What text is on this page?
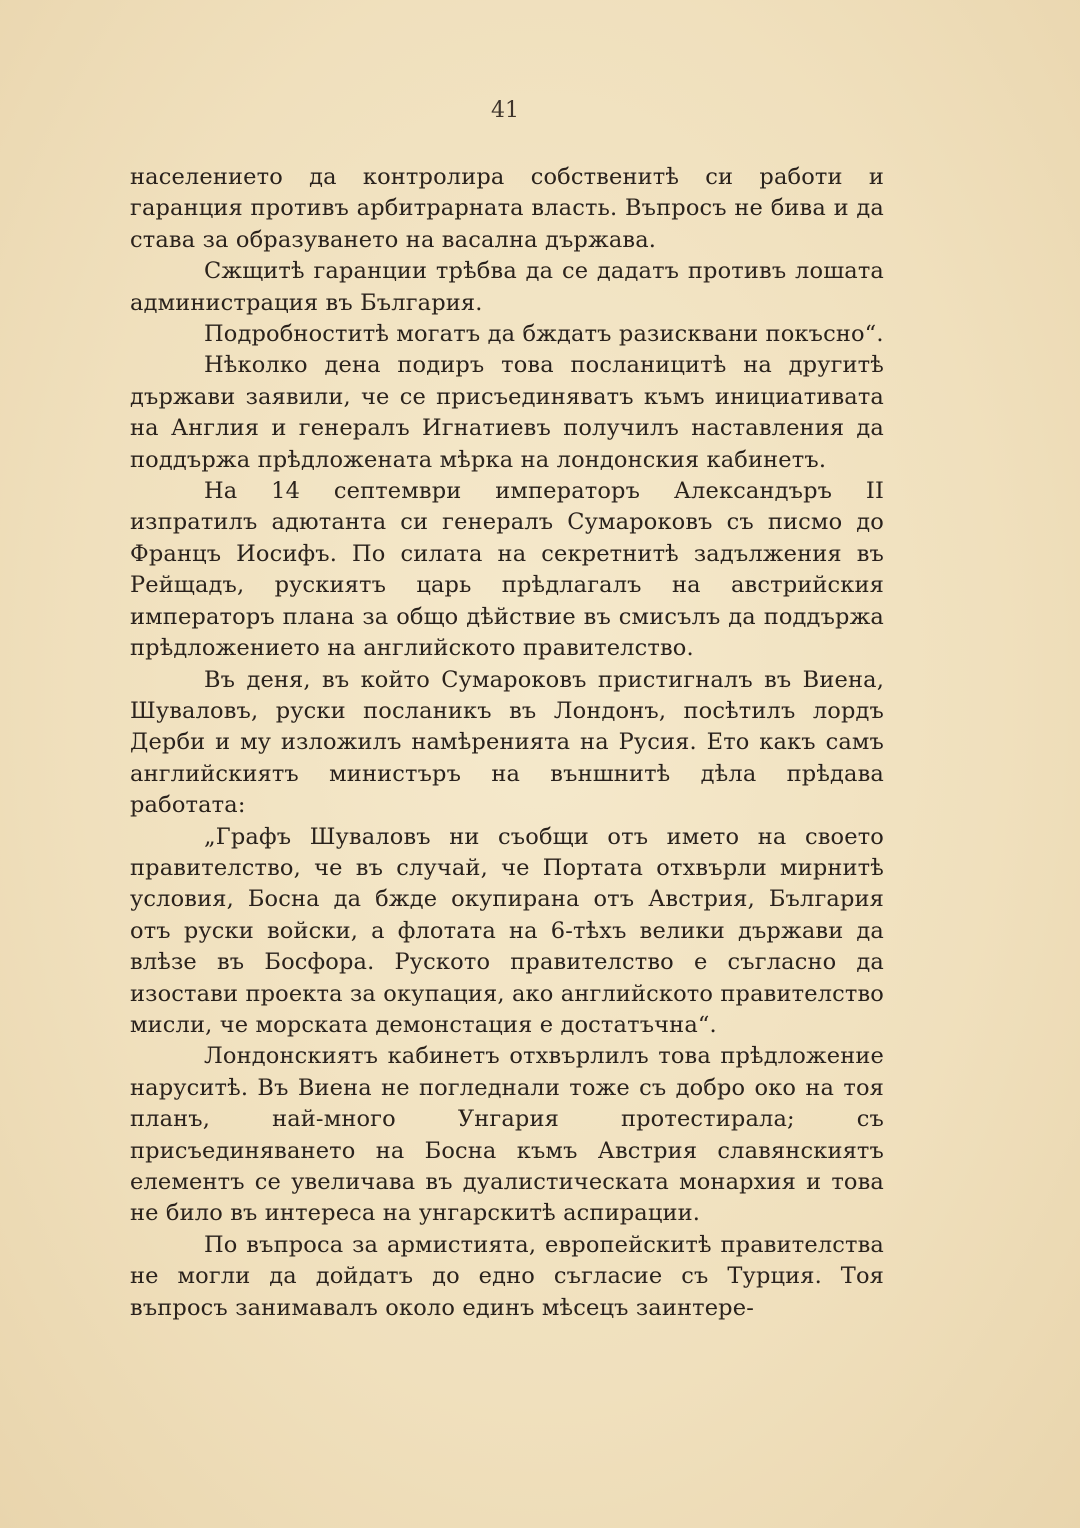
41

населението да контролира собственитѣ си работи и гаранция противъ арбитрарната власть. Въпросъ не бива и да става за образуването на васална държава.

Сжщитѣ гаранции трѣбва да се дадатъ противъ лошата администрация въ България.

Подробноститѣ могатъ да бждатъ разисквани покъсно“.

Нѣколко дена подиръ това посланицитѣ на другитѣ държави заявили, че се присъединяватъ къмъ инициативата на Англия и генералъ Игнатиевъ получилъ наставления да поддържа прѣдложената мѣрка на лондонския кабинетъ.

На 14 септември императоръ Александъръ II изпратилъ адютанта си генералъ Сумароковъ съ писмо до Францъ Иосифъ. По силата на секретнитѣ задължения въ Рейщадъ, рускиятъ царь прѣдлагалъ на австрийския императоръ плана за общо дѣйствие въ смисълъ да поддържа прѣдложението на английското правителство.

Въ деня, въ който Сумароковъ пристигналъ въ Виена, Шуваловъ, руски посланикъ въ Лондонъ, посѣтилъ лордъ Дерби и му изложилъ намѣренията на Русия. Ето какъ самъ английскиятъ министъръ на външнитѣ дѣла прѣдава работата:

„Графъ Шуваловъ ни съобщи отъ името на своето правителство, че въ случай, че Портата отхвърли мирнитѣ условия, Босна да бжде окупирана отъ Австрия, България отъ руски войски, а флотата на 6-тѣхъ велики държави да влѣзе въ Босфора. Руското правителство е съгласно да изостави проекта за окупация, ако английското правителство мисли, че морската демонстация е достатъчна“.

Лондонскиятъ кабинетъ отхвърлилъ това прѣдложение наруситѣ. Въ Виена не погледнали тоже съ добро око на тоя планъ, най-много Унгария протестирала; съ присъединяването на Босна къмъ Австрия славянскиятъ елементъ се увеличава въ дуалистическата монархия и това не било въ интереса на унгарскитѣ аспирации.

По въпроса за армистията, европейскитѣ правителства не могли да дойдатъ до едно съгласие съ Турция. Тоя въпросъ занимавалъ около единъ мѣсецъ заинтере-
